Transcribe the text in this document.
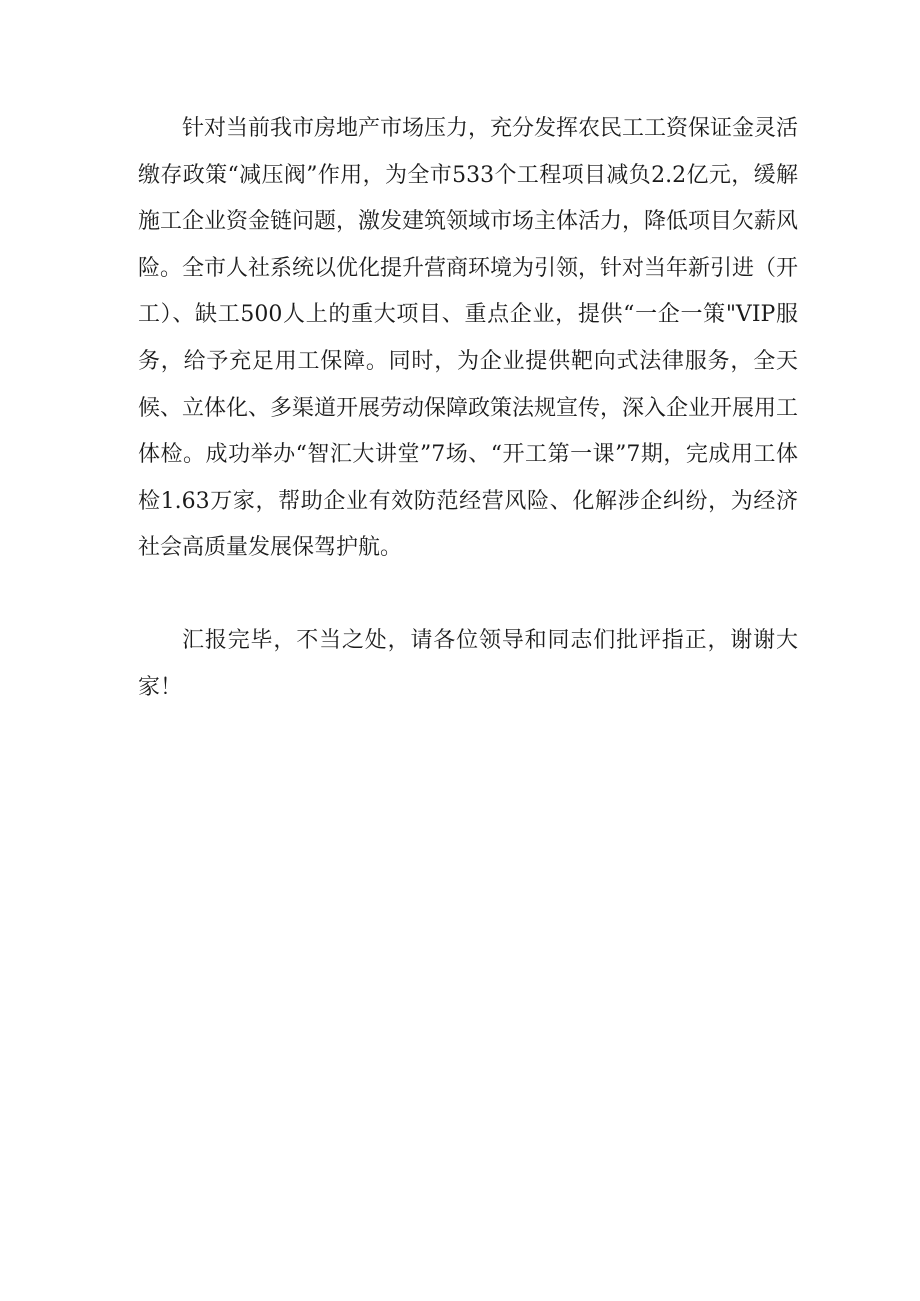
针对当前我市房地产市场压力，充分发挥农民工工资保证金灵活缴存政策“减压阀”作用，为全市533个工程项目减负2.2亿元，缓解施工企业资金链问题，激发建筑领域市场主体活力，降低项目欠薪风险。全市人社系统以优化提升营商环境为引领，针对当年新引进（开工）、缺工500人上的重大项目、重点企业，提供“一企一策"VIP服务，给予充足用工保障。同时，为企业提供靶向式法律服务，全天候、立体化、多渠道开展劳动保障政策法规宣传，深入企业开展用工体检。成功举办“智汇大讲堂”7场、“开工第一课”7期，完成用工体检1.63万家，帮助企业有效防范经营风险、化解涉企纠纷，为经济社会高质量发展保驾护航。

汇报完毕，不当之处，请各位领导和同志们批评指正，谢谢大家！
